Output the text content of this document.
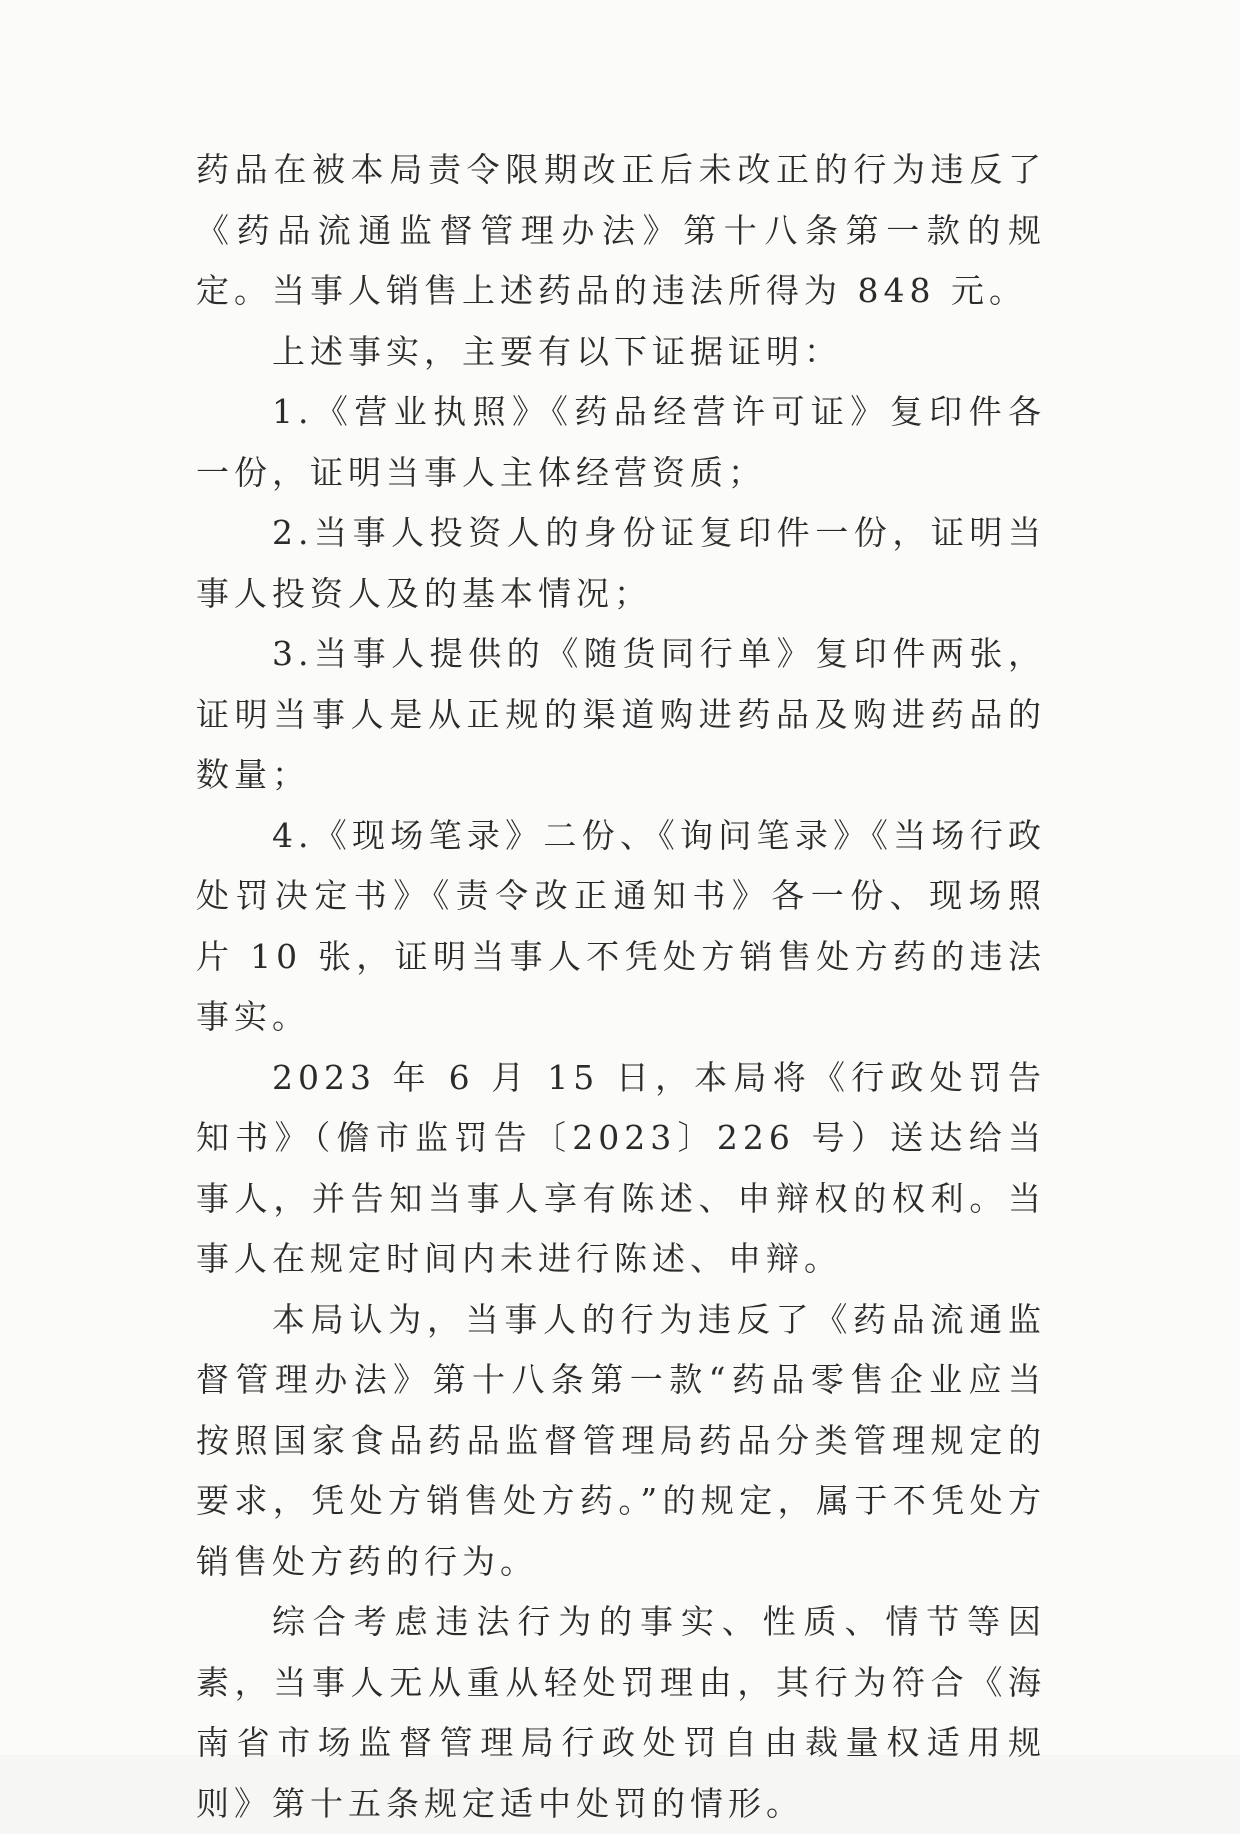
药品在被本局责令限期改正后未改正的行为违反了《药品流通监督管理办法》第十八条第一款的规定。当事人销售上述药品的违法所得为 848 元。

上述事实，主要有以下证据证明：

1.《营业执照》《药品经营许可证》复印件各一份，证明当事人主体经营资质；

2.当事人投资人的身份证复印件一份，证明当事人投资人及的基本情况；

3.当事人提供的《随货同行单》复印件两张，证明当事人是从正规的渠道购进药品及购进药品的数量；

4.《现场笔录》二份、《询问笔录》《当场行政处罚决定书》《责令改正通知书》各一份、现场照片 10 张，证明当事人不凭处方销售处方药的违法事实。

2023 年 6 月 15 日，本局将《行政处罚告知书》（儋市监罚告〔2023〕226 号）送达给当事人，并告知当事人享有陈述、申辩权的权利。当事人在规定时间内未进行陈述、申辩。

本局认为，当事人的行为违反了《药品流通监督管理办法》第十八条第一款“药品零售企业应当按照国家食品药品监督管理局药品分类管理规定的要求，凭处方销售处方药。”的规定，属于不凭处方销售处方药的行为。

综合考虑违法行为的事实、性质、情节等因素，当事人无从重从轻处罚理由，其行为符合《海南省市场监督管理局行政处罚自由裁量权适用规则》第十五条规定适中处罚的情形。
